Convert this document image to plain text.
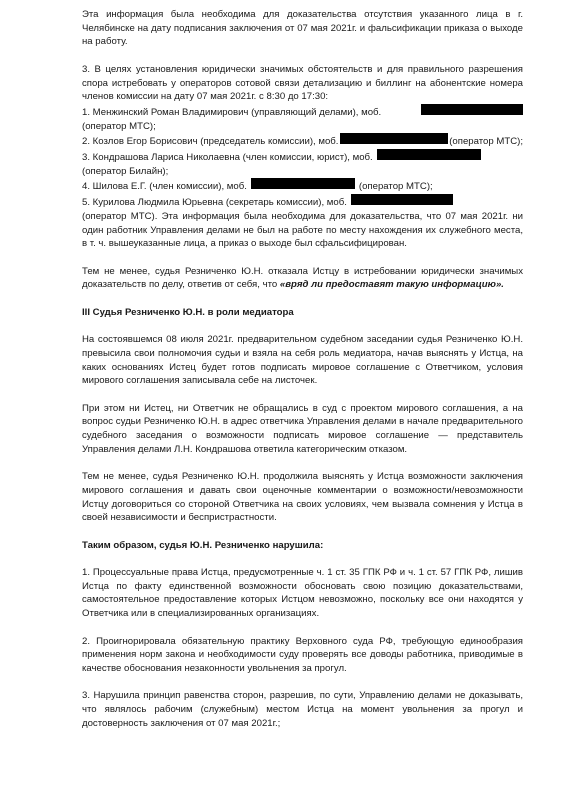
Эта информация была необходима для доказательства отсутствия указанного лица в г. Челябинске на дату подписания заключения от 07 мая 2021г. и фальсификации приказа о выходе на работу.

3. В целях установления юридически значимых обстоятельств и для правильного разрешения спора истребовать у операторов сотовой связи детализацию и биллинг на абонентские номера членов комиссии на дату 07 мая 2021г. с 8:30 до 17:30:

1. Менжинский Роман Владимирович (управляющий делами), моб.
(оператор МТС);
2. Козлов Егор Борисович (председатель комиссии), моб.	(оператор МТС);
3. Кондрашова Лариса Николаевна (член комиссии, юрист), моб.
(оператор Билайн);
4. Шилова Е.Г. (член комиссии), моб.	(оператор МТС);
5. Курилова Людмила Юрьевна (секретарь комиссии), моб.

(оператор МТС). Эта информация была необходима для доказательства, что 07 мая 2021г. ни один работник Управления делами не был на работе по месту нахождения их служебного места, в т. ч. вышеуказанные лица, а приказ о выходе был сфальсифицирован.

Тем не менее, судья Резниченко Ю.Н. отказала Истцу в истребовании юридически значимых доказательств по делу, ответив от себя, что «вряд ли предоставят такую информацию».

III Судья Резниченко Ю.Н. в роли медиатора

На состоявшемся 08 июля 2021г. предварительном судебном заседании судья Резниченко Ю.Н. превысила свои полномочия судьи и взяла на себя роль медиатора, начав выяснять у Истца, на каких основаниях Истец будет готов подписать мировое соглашение с Ответчиком, условия мирового соглашения записывала себе на листочек.

При этом ни Истец, ни Ответчик не обращались в суд с проектом мирового соглашения, а на вопрос судьи Резниченко Ю.Н. в адрес ответчика Управления делами в начале предварительного судебного заседания о возможности подписать мировое соглашение — представитель Управления делами Л.Н. Кондрашова ответила категорическим отказом.

Тем не менее, судья Резниченко Ю.Н. продолжила выяснять у Истца возможности заключения мирового соглашения и давать свои оценочные комментарии о возможности/невозможности Истцу договориться со стороной Ответчика на своих условиях, чем вызвала сомнения у Истца в своей независимости и беспристрастности.

Таким образом, судья Ю.Н. Резниченко нарушила:

1. Процессуальные права Истца, предусмотренные ч. 1 ст. 35 ГПК РФ и ч. 1 ст. 57 ГПК РФ, лишив Истца по факту единственной возможности обосновать свою позицию доказательствами, самостоятельное предоставление которых Истцом невозможно, поскольку все они находятся у Ответчика или в специализированных организациях.

2. Проигнорировала обязательную практику Верховного суда РФ, требующую единообразия применения норм закона и необходимости суду проверять все доводы работника, приводимые в качестве обоснования незаконности увольнения за прогул.

3. Нарушила принцип равенства сторон, разрешив, по сути, Управлению делами не доказывать, что являлось рабочим (служебным) местом Истца на момент увольнения за прогул и достоверность заключения от 07 мая 2021г.;
